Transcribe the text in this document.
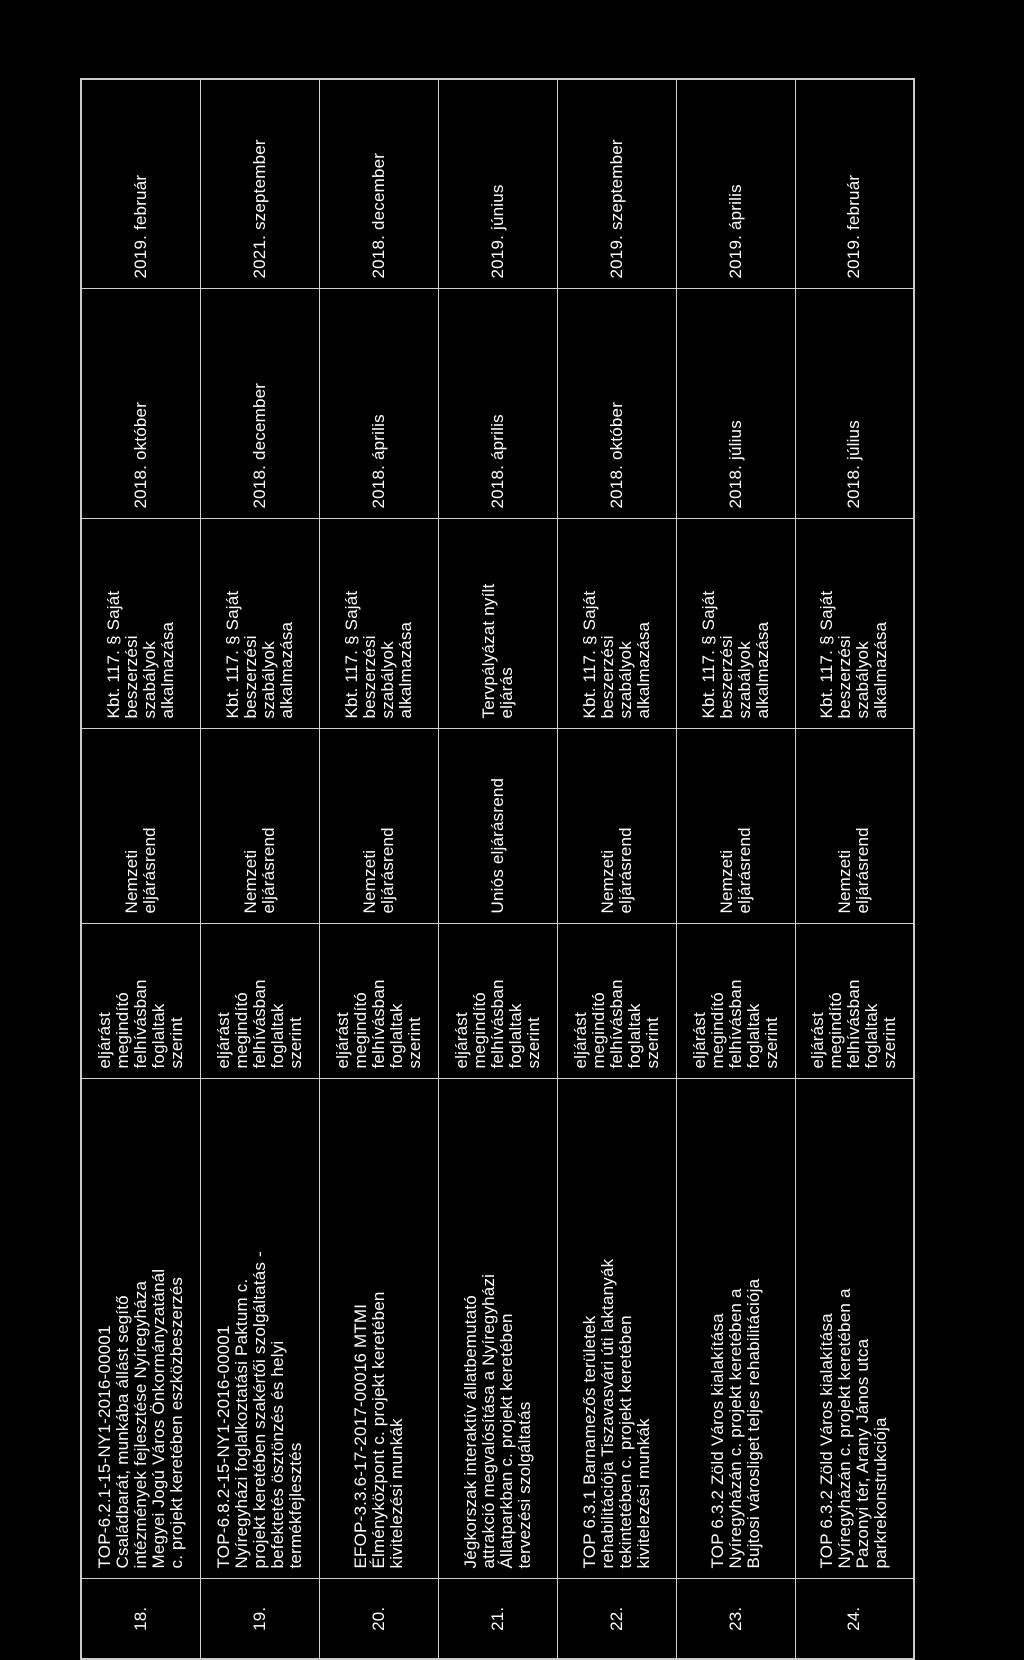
18.	TOP-6.2.1-15-NY1-2016-00001
Családbarát, munkába állást segítő
intézmények fejlesztése Nyíregyháza
Megyei Jogú Város Önkormányzatánál
c. projekt keretében eszközbeszerzés	eljárást
megindító
felhívásban
foglaltak
szerint	Nemzeti
eljárásrend	Kbt. 117. § Saját
beszerzési
szabályok
alkalmazása	2018. október	2019. február
19.	TOP-6.8.2-15-NY1-2016-00001
Nyíregyházi foglalkoztatási Paktum c.
projekt keretében szakértői szolgáltatás -
befektetés ösztönzés és helyi
termékfejlesztés	eljárást
megindító
felhívásban
foglaltak
szerint	Nemzeti
eljárásrend	Kbt. 117. § Saját
beszerzési
szabályok
alkalmazása	2018. december	2021. szeptember
20.	EFOP-3.3.6-17-2017-00016 MTMI
Élményközpont c. projekt keretében
kivitelezési munkák	eljárást
megindító
felhívásban
foglaltak
szerint	Nemzeti
eljárásrend	Kbt. 117. § Saját
beszerzési
szabályok
alkalmazása	2018. április	2018. december
21.	Jégkorszak interaktív állatbemutató
attrakció megvalósítása a Nyíregyházi
Állatparkban c. projekt keretében
tervezési szolgáltatás	eljárást
megindító
felhívásban
foglaltak
szerint	Uniós eljárásrend	Tervpályázat nyílt
eljárás	2018. április	2019. június
22.	TOP 6.3.1 Barnamezős területek
rehabilitációja Tiszavasvári úti laktanyák
tekintetében c. projekt keretében
kivitelezési munkák	eljárást
megindító
felhívásban
foglaltak
szerint	Nemzeti
eljárásrend	Kbt. 117. § Saját
beszerzési
szabályok
alkalmazása	2018. október	2019. szeptember
23.	TOP 6.3.2 Zöld Város kialakítása
Nyíregyházán c. projekt keretében a
Bujtosi városliget teljes rehabilitációja	eljárást
megindító
felhívásban
foglaltak
szerint	Nemzeti
eljárásrend	Kbt. 117. § Saját
beszerzési
szabályok
alkalmazása	2018. július	2019. április
24.	TOP 6.3.2 Zöld Város kialakítása
Nyíregyházán c. projekt keretében a
Pazonyi tér, Arany János utca
parkrekonstrukciója	eljárást
megindító
felhívásban
foglaltak
szerint	Nemzeti
eljárásrend	Kbt. 117. § Saját
beszerzési
szabályok
alkalmazása	2018. július	2019. február
